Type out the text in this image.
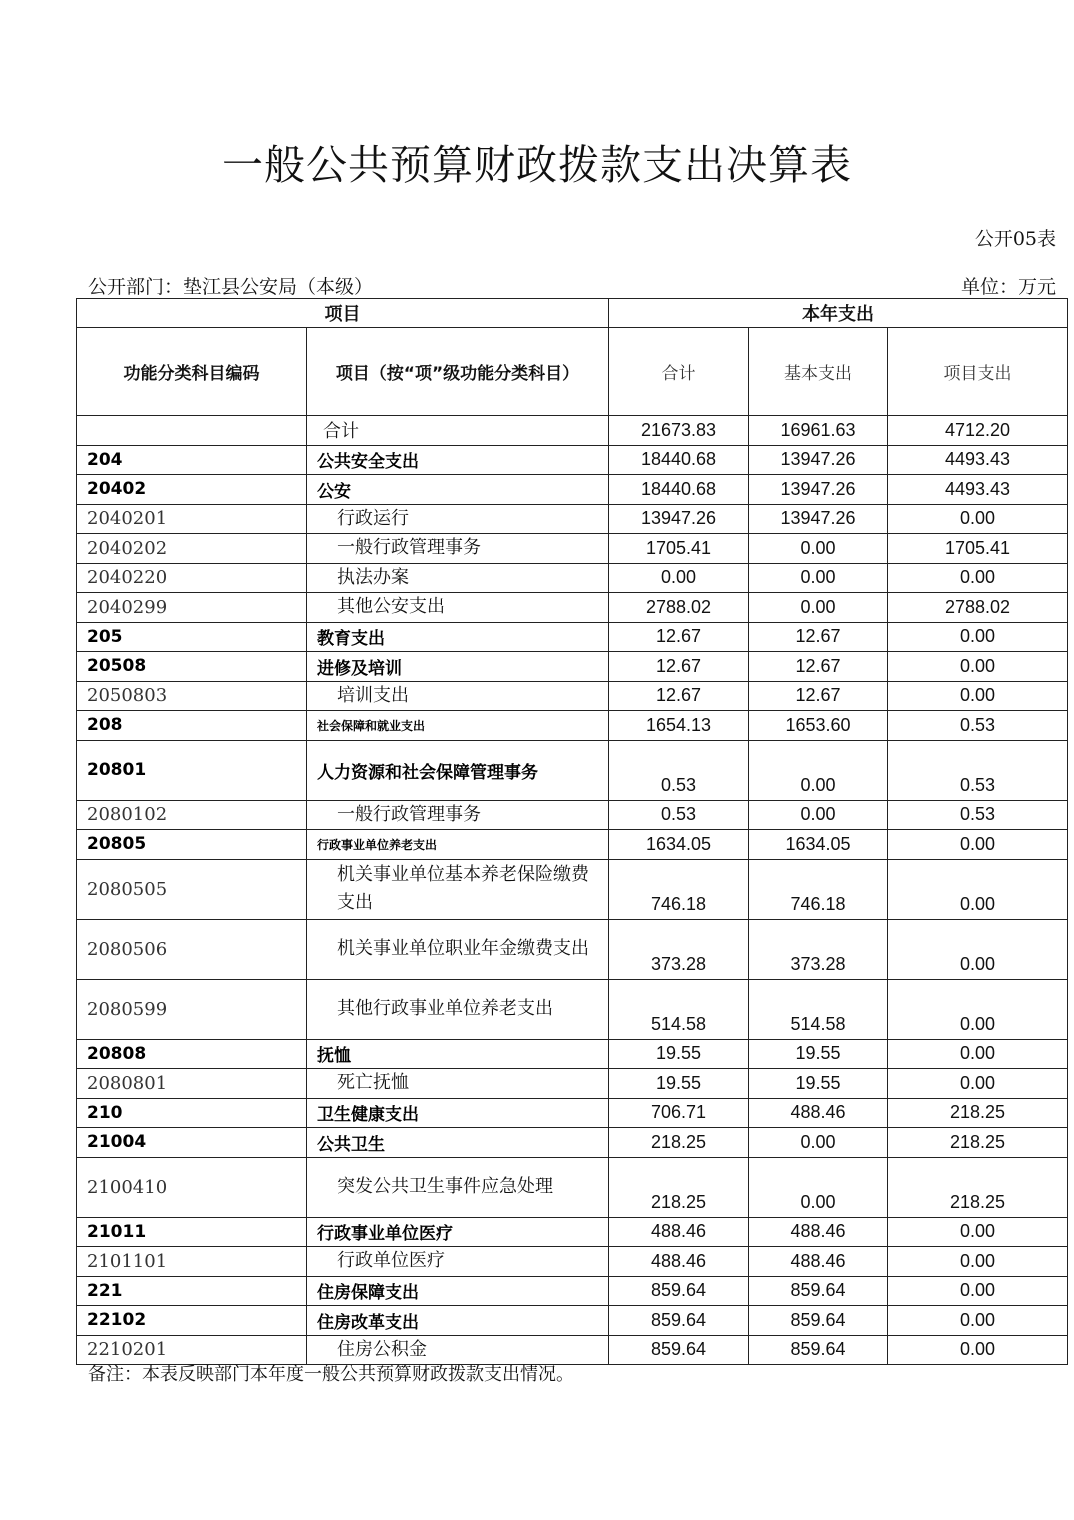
一般公共预算财政拨款支出决算表
公开05表
公开部门：垫江县公安局（本级）	单位：万元
项目		本年支出		
功能分类科目编码	项目（按“项”级功能分类科目）	合计	基本支出	项目支出
	合计	21673.83	16961.63	4712.20
204	公共安全支出	18440.68	13947.26	4493.43
20402	公安	18440.68	13947.26	4493.43
2040201	行政运行	13947.26	13947.26	0.00
2040202	一般行政管理事务	1705.41	0.00	1705.41
2040220	执法办案	0.00	0.00	0.00
2040299	其他公安支出	2788.02	0.00	2788.02
205	教育支出	12.67	12.67	0.00
20508	进修及培训	12.67	12.67	0.00
2050803	培训支出	12.67	12.67	0.00
208	社会保障和就业支出	1654.13	1653.60	0.53
20801	人力资源和社会保障管理事务	0.53	0.00	0.53
2080102	一般行政管理事务	0.53	0.00	0.53
20805	行政事业单位养老支出	1634.05	1634.05	0.00
2080505	机关事业单位基本养老保险缴费支出	746.18	746.18	0.00
2080506	机关事业单位职业年金缴费支出	373.28	373.28	0.00
2080599	其他行政事业单位养老支出	514.58	514.58	0.00
20808	抚恤	19.55	19.55	0.00
2080801	死亡抚恤	19.55	19.55	0.00
210	卫生健康支出	706.71	488.46	218.25
21004	公共卫生	218.25	0.00	218.25
2100410	突发公共卫生事件应急处理	218.25	0.00	218.25
21011	行政事业单位医疗	488.46	488.46	0.00
2101101	行政单位医疗	488.46	488.46	0.00
221	住房保障支出	859.64	859.64	0.00
22102	住房改革支出	859.64	859.64	0.00
2210201	住房公积金	859.64	859.64	0.00
备注：本表反映部门本年度一般公共预算财政拨款支出情况。
